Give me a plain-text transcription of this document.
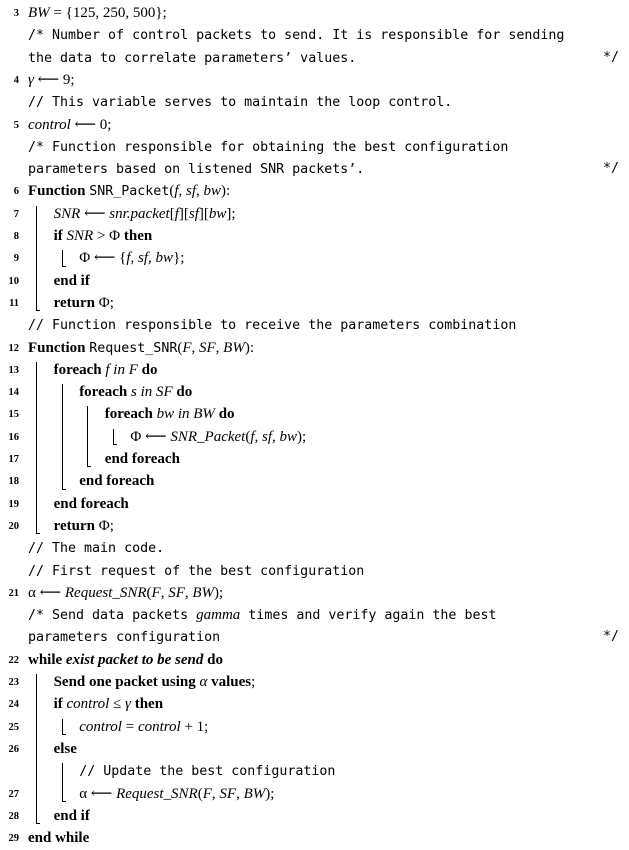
3 BW = {125, 250, 500};
/* Number of control packets to send. It is responsible for sending
the data to correlate parameters’ values.	*/
4 γ ⟵ 9;
// This variable serves to maintain the loop control.
5 control ⟵ 0;
/* Function responsible for obtaining the best configuration
parameters based on listened SNR packets’.	*/
6 Function SNR_Packet(f, sf, bw):
7 SNR ⟵ snr.packet[f][sf][bw];
8 if SNR > Φ then
9	Φ ⟵ {f, sf, bw};
10 end if
11 return Φ;
// Function responsible to receive the parameters combination
12 Function Request_SNR(F, SF, BW):
13 foreach f in F do
14	foreach s in SF do
15	foreach bw in BW do
16	Φ ⟵ SNR_Packet(f, sf, bw);
17	end foreach
18	end foreach
19 end foreach
20 return Φ;
// The main code.
// First request of the best configuration
21 α ⟵ Request_SNR(F, SF, BW);
/* Send data packets gamma times and verify again the best
parameters configuration	*/
22 while exist packet to be send do
23 Send one packet using α values;
24 if control ≤ γ then
25	control = control + 1;
26 else
// Update the best configuration
27	α ⟵ Request_SNR(F, SF, BW);
28 end if
29 end while
